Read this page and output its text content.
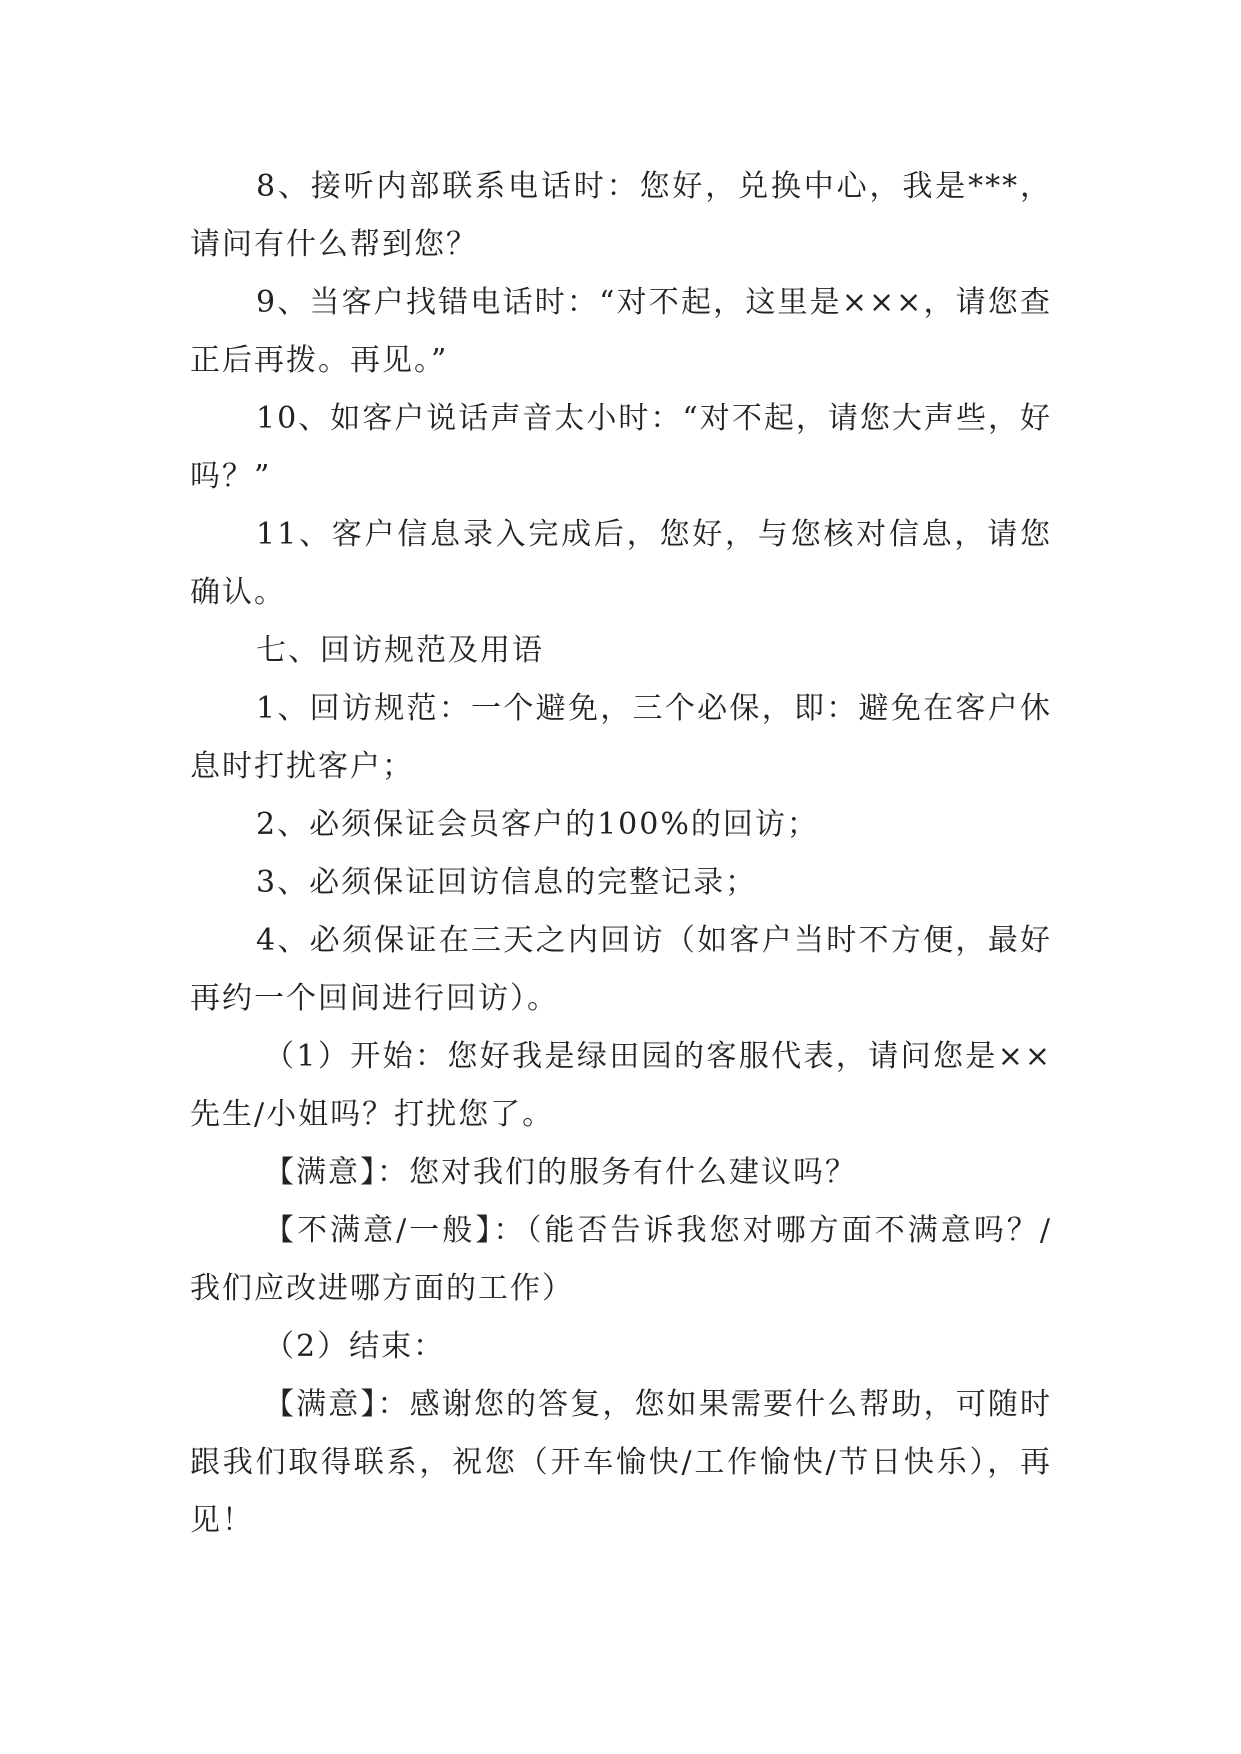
8、接听内部联系电话时：您好，兑换中心，我是***，请问有什么帮到您？

9、当客户找错电话时：“对不起，这里是×××，请您查正后再拨。再见。”

10、如客户说话声音太小时：“对不起，请您大声些，好吗？”

11、客户信息录入完成后，您好，与您核对信息，请您确认。

七、回访规范及用语

1、回访规范：一个避免，三个必保，即：避免在客户休息时打扰客户；

2、必须保证会员客户的100%的回访；

3、必须保证回访信息的完整记录；

4、必须保证在三天之内回访（如客户当时不方便，最好再约一个回间进行回访）。

（1）开始：您好我是绿田园的客服代表，请问您是××先生/小姐吗？打扰您了。

【满意】：您对我们的服务有什么建议吗？

【不满意/一般】：（能否告诉我您对哪方面不满意吗？/我们应改进哪方面的工作）

（2）结束：

【满意】：感谢您的答复，您如果需要什么帮助，可随时跟我们取得联系，祝您（开车愉快/工作愉快/节日快乐），再见！
